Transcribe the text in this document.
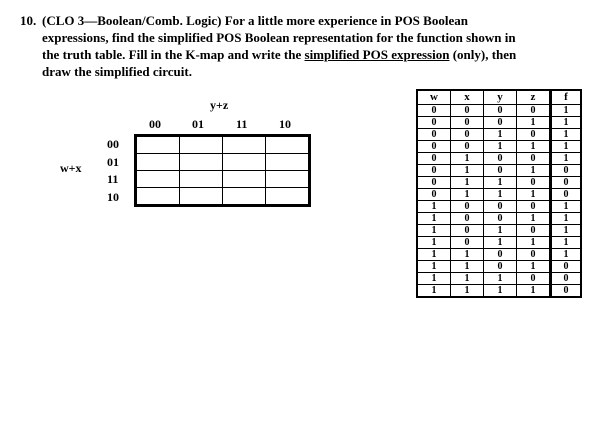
10. (CLO 3—Boolean/Comb. Logic) For a little more experience in POS Boolean
expressions, find the simplified POS Boolean representation for the function shown in
the truth table. Fill in the K-map and write the simplified POS expression (only), then
draw the simplified circuit.
y+z
00	01	11	10
w+x
00
01
11
10

w	x	y	z	f
0	0	0	0	1
0	0	0	1	1
0	0	1	0	1
0	0	1	1	1
0	1	0	0	1
0	1	0	1	0
0	1	1	0	0
0	1	1	1	0
1	0	0	0	1
1	0	0	1	1
1	0	1	0	1
1	0	1	1	1
1	1	0	0	1
1	1	0	1	0
1	1	1	0	0
1	1	1	1	0
